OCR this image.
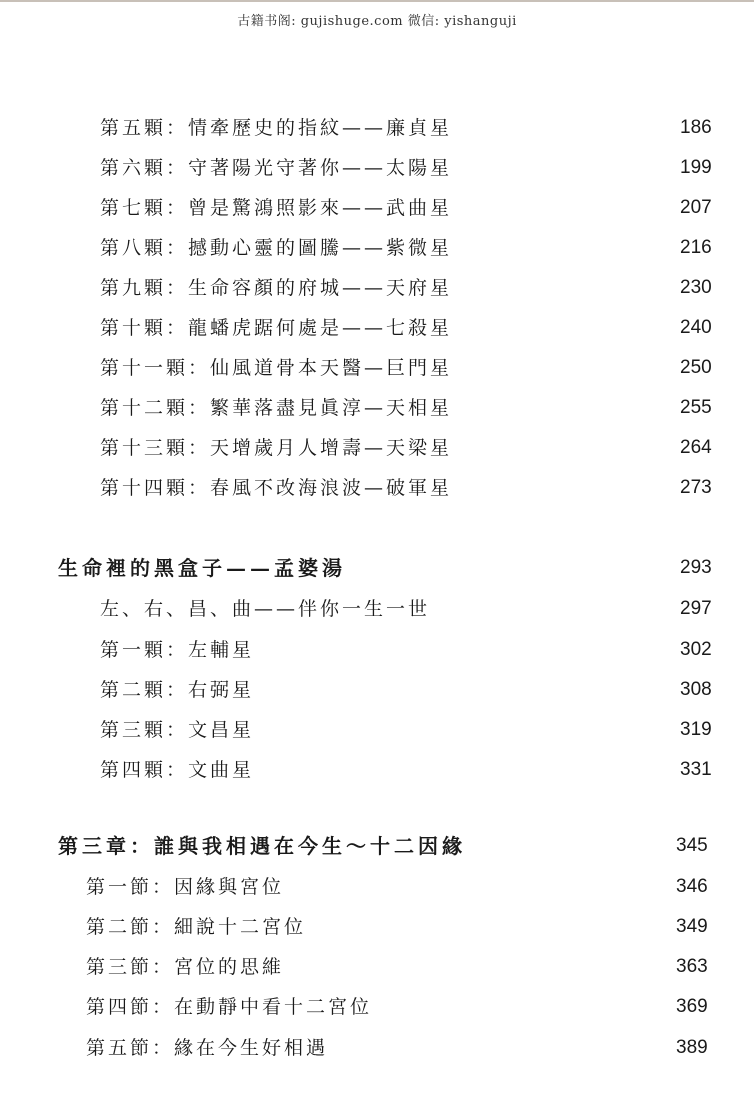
古籍书阁: gujishuge.com 微信: yishanguji
第五顆：情牽歷史的指紋——廉貞星	186
第六顆：守著陽光守著你——太陽星	199
第七顆：曾是驚鴻照影來——武曲星	207
第八顆：撼動心靈的圖騰——紫微星	216
第九顆：生命容顏的府城——天府星	230
第十顆：龍蟠虎踞何處是——七殺星	240
第十一顆：仙風道骨本天醫—巨門星	250
第十二顆：繁華落盡見眞淳—天相星	255
第十三顆：天增歲月人增壽—天梁星	264
第十四顆：春風不改海浪波—破軍星	273
生命裡的黑盒子——孟婆湯	293
左、右、昌、曲——伴你一生一世	297
第一顆：左輔星	302
第二顆：右弼星	308
第三顆：文昌星	319
第四顆：文曲星	331
第三章：誰與我相遇在今生～十二因緣	345
第一節：因緣與宮位	346
第二節：細說十二宮位	349
第三節：宮位的思維	363
第四節：在動靜中看十二宮位	369
第五節：緣在今生好相遇	389
